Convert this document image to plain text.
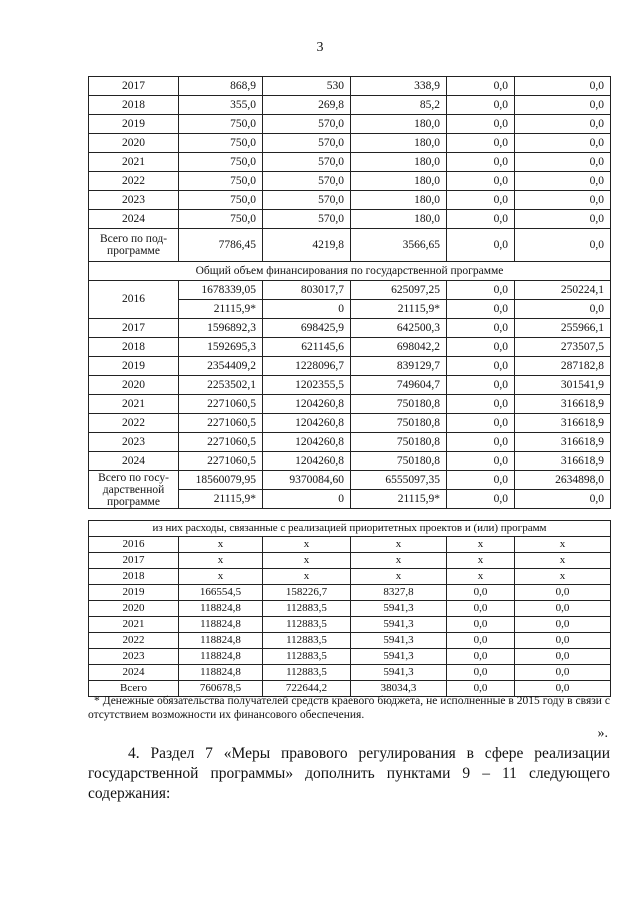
3
2017	868,9	530	338,9	0,0	0,0
2018	355,0	269,8	85,2	0,0	0,0
2019	750,0	570,0	180,0	0,0	0,0
2020	750,0	570,0	180,0	0,0	0,0
2021	750,0	570,0	180,0	0,0	0,0
2022	750,0	570,0	180,0	0,0	0,0
2023	750,0	570,0	180,0	0,0	0,0
2024	750,0	570,0	180,0	0,0	0,0
Всего по под-программе	7786,45	4219,8	3566,65	0,0	0,0
Общий объем финансирования по государственной программе					
2016	1678339,05	803017,7	625097,25	0,0	250224,1
	21115,9*	0	21115,9*	0,0	0,0
2017	1596892,3	698425,9	642500,3	0,0	255966,1
2018	1592695,3	621145,6	698042,2	0,0	273507,5
2019	2354409,2	1228096,7	839129,7	0,0	287182,8
2020	2253502,1	1202355,5	749604,7	0,0	301541,9
2021	2271060,5	1204260,8	750180,8	0,0	316618,9
2022	2271060,5	1204260,8	750180,8	0,0	316618,9
2023	2271060,5	1204260,8	750180,8	0,0	316618,9
2024	2271060,5	1204260,8	750180,8	0,0	316618,9
Всего по госу-дарственной программе	18560079,95	9370084,60	6555097,35	0,0	2634898,0
	21115,9*	0	21115,9*	0,0	0,0
из них расходы, связанные с реализацией приоритетных проектов и (или) программ					
2016	х	х	х	х	х
2017	х	х	х	х	х
2018	х	х	х	х	х
2019	166554,5	158226,7	8327,8	0,0	0,0
2020	118824,8	112883,5	5941,3	0,0	0,0
2021	118824,8	112883,5	5941,3	0,0	0,0
2022	118824,8	112883,5	5941,3	0,0	0,0
2023	118824,8	112883,5	5941,3	0,0	0,0
2024	118824,8	112883,5	5941,3	0,0	0,0
Всего	760678,5	722644,2	38034,3	0,0	0,0
* Денежные обязательства получателей средств краевого бюджета, не исполненные в 2015 году в связи с отсутствием возможности их финансового обеспечения.
».
4. Раздел 7 «Меры правового регулирования в сфере реализации государственной программы» дополнить пунктами 9 – 11 следующего содержания:
